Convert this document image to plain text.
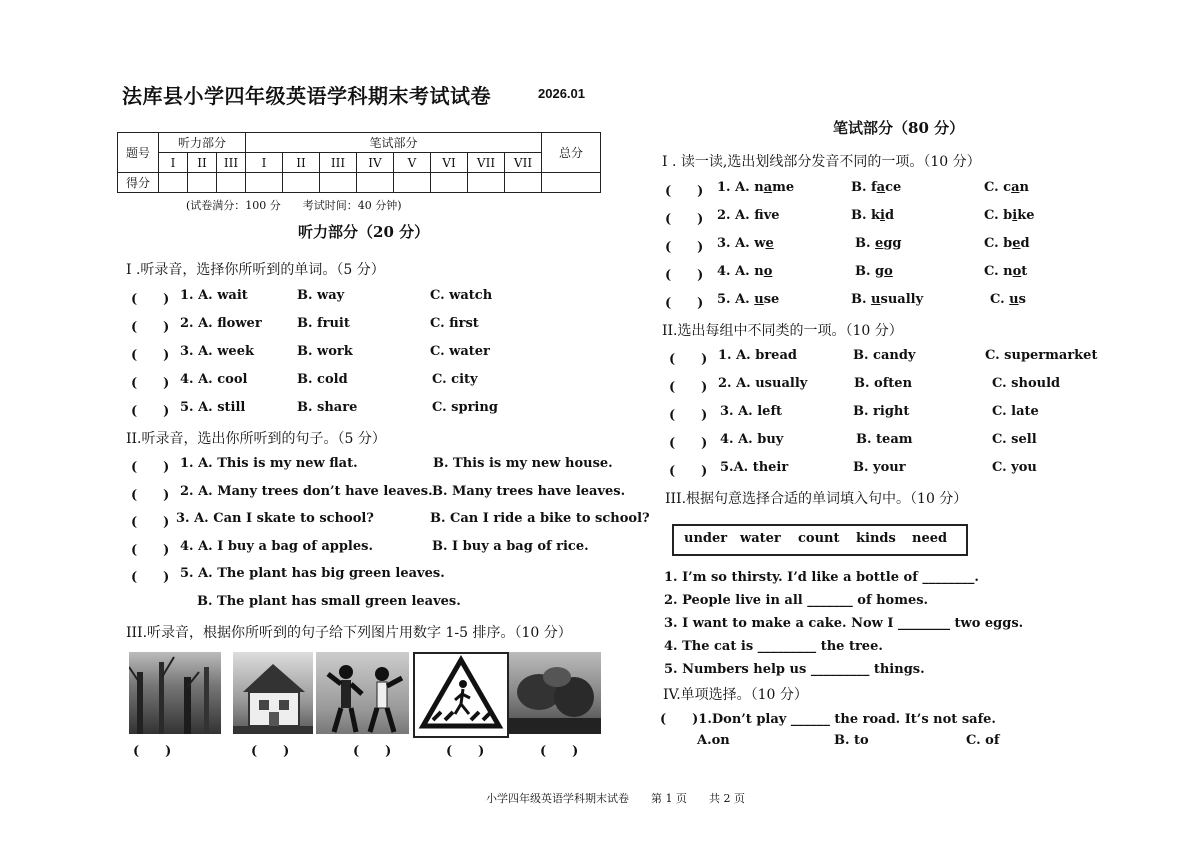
法库县小学四年级英语学科期末考试试卷	2026.01
题号	听力部分			笔试部分								总分
	I	II	III	I	II	III	IV	V	VI	VII	VII	
得分												
(试卷满分：100 分　　考试时间：40 分钟)
听力部分（20 分）
I .听录音，选择你所听到的单词。（5 分）
(　　) 1. A. wait	B. way	C. watch
(　　) 2. A. flower	B. fruit	C. first
(　　) 3. A. week	B. work	C. water
(　　) 4. A. cool	B. cold	C. city
(　　) 5. A. still	B. share	C. spring
II.听录音，选出你所听到的句子。（5 分）
(　　) 1. A. This is my new flat.	B. This is my new house.
(　　) 2. A. Many trees don’t have leaves. B. Many trees have leaves.
(　　) 3. A. Can I skate to school?	B. Can I ride a bike to school?
(　　) 4. A. I buy a bag of apples.	B. I buy a bag of rice.
(　　) 5. A. The plant has big green leaves.
B. The plant has small green leaves.
III.听录音，根据你所听到的句子给下列图片用数字 1-5 排序。（10 分）
(　　)	(　　)	(　　)	(　　)	(　　)
笔试部分（80 分）
I . 读一读,选出划线部分发音不同的一项。（10 分）
(　　) 1. A. name	B. face	C. can
(　　) 2. A. fve	B. kid	C. bike
(　　) 3. A. we	B. egg	C. bed
(　　) 4. A. no	B. go	C. not
(　　) 5. A. use	B. usually	C. us
II.选出每组中不同类的一项。（10 分）
(　　) 1. A. bread	B. candy	C. supermarket
(　　) 2. A. usually	B. often	C. should
(　　) 3. A. left	B. right	C. late
(　　) 4. A. buy	B. team	C. sell
(　　) 5.A. their	B. your	C. you
III.根据句意选择合适的单词填入句中。（10 分）
under water count kinds need
1. I’m so thirsty. I’d like a bottle of ________.
2. People live in all _______ of homes.
3. I want to make a cake. Now I ________ two eggs.
4. The cat is _________ the tree.
5. Numbers help us _________ things.
IV.单项选择。（10 分）
(　　)1.Don’t play ______ the road. It’s not safe.
A.on	B. to	C. of
小学四年级英语学科期末试卷　　第 1 页　　共 2 页
